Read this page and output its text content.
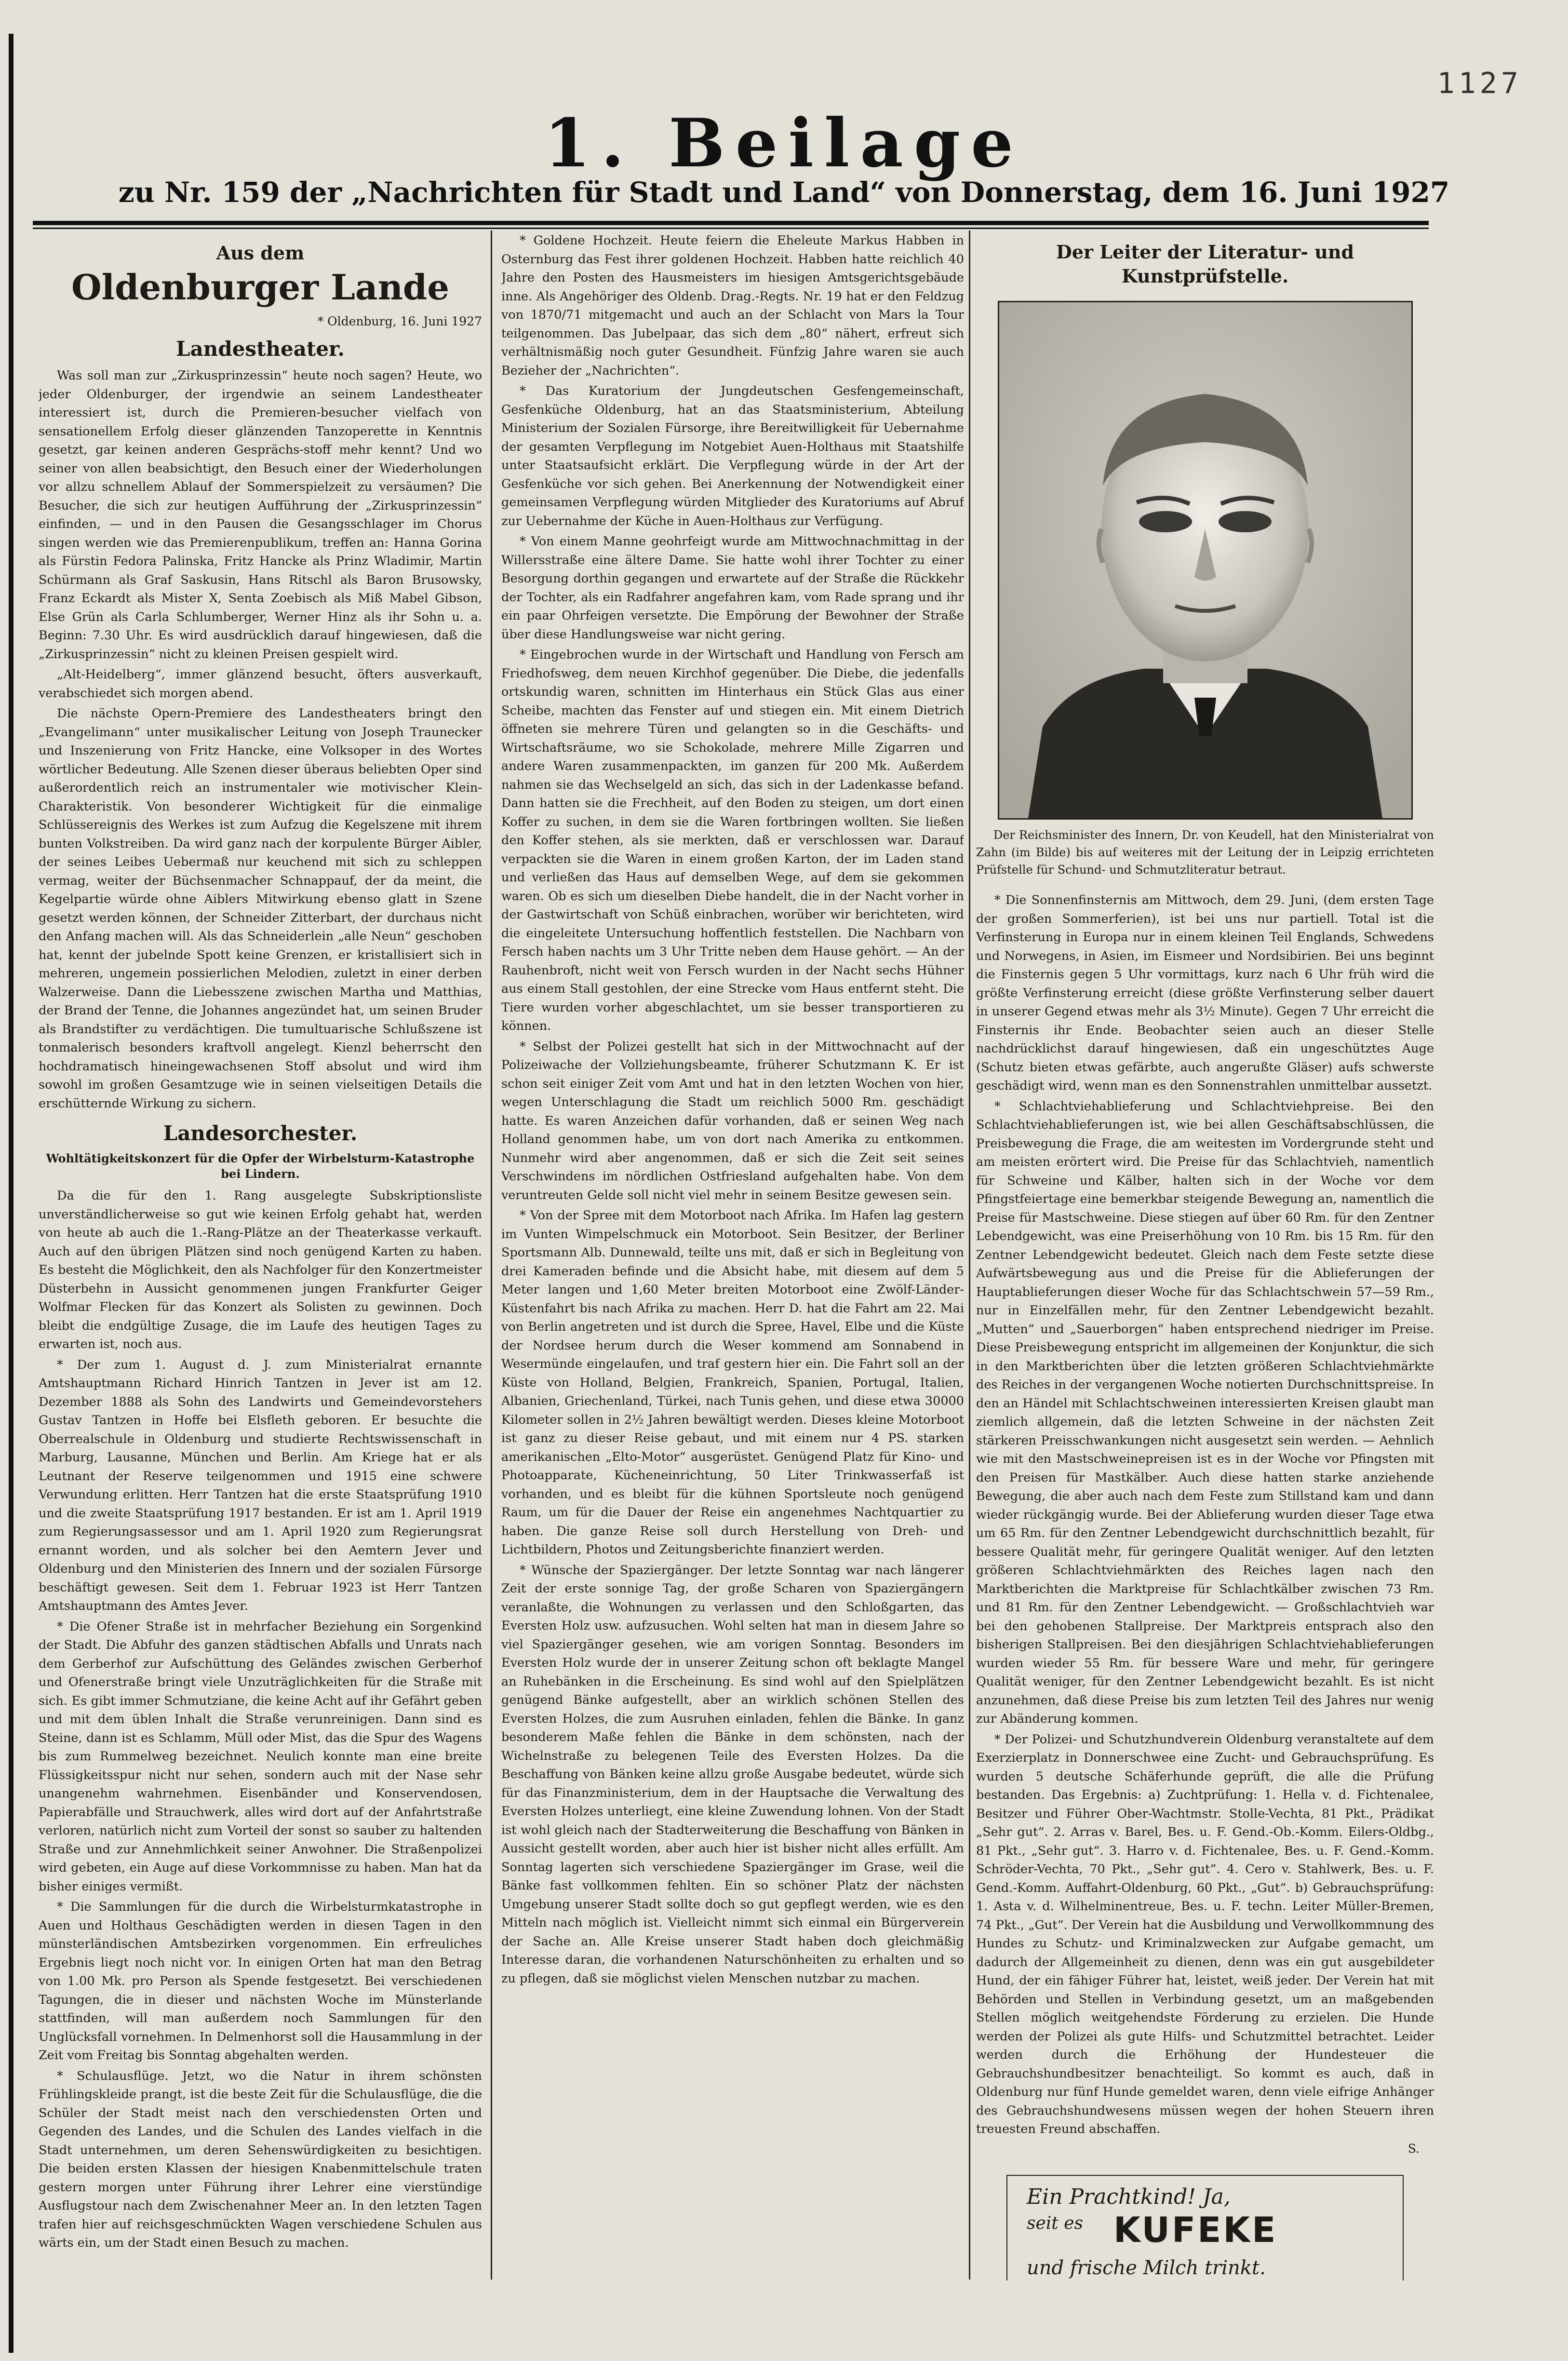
1127
1. Beilage
zu Nr. 159 der „Nachrichten für Stadt und Land“ von Donnerstag, dem 16. Juni 1927
Aus dem
Oldenburger Lande
* Oldenburg, 16. Juni 1927
Landestheater.

Was soll man zur „Zirkusprinzessin“ heute noch sagen? Heute, wo jeder Oldenburger, der irgendwie an seinem Landestheater interessiert ist, durch die Premieren-besucher vielfach von sensationellem Erfolg dieser glänzenden Tanzoperette in Kenntnis gesetzt, gar keinen anderen Gesprächs-stoff mehr kennt? Und wo seiner von allen beabsichtigt, den Besuch einer der Wiederholungen vor allzu schnellem Ablauf der Sommerspielzeit zu versäumen? Die Besucher, die sich zur heutigen Aufführung der „Zirkusprinzessin“ einfinden, — und in den Pausen die Gesangsschlager im Chorus singen werden wie das Premierenpublikum, treffen an: Hanna Gorina als Fürstin Fedora Palinska, Fritz Hancke als Prinz Wladimir, Martin Schürmann als Graf Saskusin, Hans Ritschl als Baron Brusowsky, Franz Eckardt als Mister X, Senta Zoebisch als Miß Mabel Gibson, Else Grün als Carla Schlumberger, Werner Hinz als ihr Sohn u. a. Beginn: 7.30 Uhr. Es wird ausdrücklich darauf hingewiesen, daß die „Zirkusprinzessin“ nicht zu kleinen Preisen gespielt wird.

„Alt-Heidelberg“, immer glänzend besucht, öfters ausverkauft, verabschiedet sich morgen abend.

Die nächste Opern-Premiere des Landestheaters bringt den „Evangelimann“ unter musikalischer Leitung von Joseph Traunecker und Inszenierung von Fritz Hancke, eine Volksoper in des Wortes wörtlicher Bedeutung. Alle Szenen dieser überaus beliebten Oper sind außerordentlich reich an instrumentaler wie motivischer Klein-Charakteristik. Von besonderer Wichtigkeit für die einmalige Schlüssereignis des Werkes ist zum Aufzug die Kegelszene mit ihrem bunten Volkstreiben. Da wird ganz nach der korpulente Bürger Aibler, der seines Leibes Uebermaß nur keuchend mit sich zu schleppen vermag, weiter der Büchsenmacher Schnappauf, der da meint, die Kegelpartie würde ohne Aiblers Mitwirkung ebenso glatt in Szene gesetzt werden können, der Schneider Zitterbart, der durchaus nicht den Anfang machen will. Als das Schneiderlein „alle Neun“ geschoben hat, kennt der jubelnde Spott keine Grenzen, er kristallisiert sich in mehreren, ungemein possierlichen Melodien, zuletzt in einer derben Walzerweise. Dann die Liebesszene zwischen Martha und Matthias, der Brand der Tenne, die Johannes angezündet hat, um seinen Bruder als Brandstifter zu verdächtigen. Die tumultuarische Schlußszene ist tonmalerisch besonders kraftvoll angelegt. Kienzl beherrscht den hochdramatisch hineingewachsenen Stoff absolut und wird ihm sowohl im großen Gesamtzuge wie in seinen vielseitigen Details die erschütternde Wirkung zu sichern.

Landesorchester.
Wohltätigkeitskonzert für die Opfer der Wirbelsturm-Katastrophe bei Lindern.

Da die für den 1. Rang ausgelegte Subskriptionsliste unverständlicherweise so gut wie keinen Erfolg gehabt hat, werden von heute ab auch die 1.-Rang-Plätze an der Theaterkasse verkauft. Auch auf den übrigen Plätzen sind noch genügend Karten zu haben. Es besteht die Möglichkeit, den als Nachfolger für den Konzertmeister Düsterbehn in Aussicht genommenen jungen Frankfurter Geiger Wolfmar Flecken für das Konzert als Solisten zu gewinnen. Doch bleibt die endgültige Zusage, die im Laufe des heutigen Tages zu erwarten ist, noch aus.

* Der zum 1. August d. J. zum Ministerialrat ernannte Amtshauptmann Richard Hinrich Tantzen in Jever ist am 12. Dezember 1888 als Sohn des Landwirts und Gemeindevorstehers Gustav Tantzen in Hoffe bei Elsfleth geboren. Er besuchte die Oberrealschule in Oldenburg und studierte Rechtswissenschaft in Marburg, Lausanne, München und Berlin. Am Kriege hat er als Leutnant der Reserve teilgenommen und 1915 eine schwere Verwundung erlitten. Herr Tantzen hat die erste Staatsprüfung 1910 und die zweite Staatsprüfung 1917 bestanden. Er ist am 1. April 1919 zum Regierungsassessor und am 1. April 1920 zum Regierungsrat ernannt worden, und als solcher bei den Aemtern Jever und Oldenburg und den Ministerien des Innern und der sozialen Fürsorge beschäftigt gewesen. Seit dem 1. Februar 1923 ist Herr Tantzen Amtshauptmann des Amtes Jever.

* Die Ofener Straße ist in mehrfacher Beziehung ein Sorgenkind der Stadt. Die Abfuhr des ganzen städtischen Abfalls und Unrats nach dem Gerberhof zur Aufschüttung des Geländes zwischen Gerberhof und Ofenerstraße bringt viele Unzuträglichkeiten für die Straße mit sich. Es gibt immer Schmutziane, die keine Acht auf ihr Gefährt geben und mit dem üblen Inhalt die Straße verunreinigen. Dann sind es Steine, dann ist es Schlamm, Müll oder Mist, das die Spur des Wagens bis zum Rummelweg bezeichnet. Neulich konnte man eine breite Flüssigkeitsspur nicht nur sehen, sondern auch mit der Nase sehr unangenehm wahrnehmen. Eisenbänder und Konservendosen, Papierabfälle und Strauchwerk, alles wird dort auf der Anfahrtstraße verloren, natürlich nicht zum Vorteil der sonst so sauber zu haltenden Straße und zur Annehmlichkeit seiner Anwohner. Die Straßenpolizei wird gebeten, ein Auge auf diese Vorkommnisse zu haben. Man hat da bisher einiges vermißt.

* Die Sammlungen für die durch die Wirbelsturmkatastrophe in Auen und Holthaus Geschädigten werden in diesen Tagen in den münsterländischen Amtsbezirken vorgenommen. Ein erfreuliches Ergebnis liegt noch nicht vor. In einigen Orten hat man den Betrag von 1.00 Mk. pro Person als Spende festgesetzt. Bei verschiedenen Tagungen, die in dieser und nächsten Woche im Münsterlande stattfinden, will man außerdem noch Sammlungen für den Unglücksfall vornehmen. In Delmenhorst soll die Hausammlung in der Zeit vom Freitag bis Sonntag abgehalten werden.

* Schulausflüge. Jetzt, wo die Natur in ihrem schönsten Frühlingskleide prangt, ist die beste Zeit für die Schulausflüge, die die Schüler der Stadt meist nach den verschiedensten Orten und Gegenden des Landes, und die Schulen des Landes vielfach in die Stadt unternehmen, um deren Sehenswürdigkeiten zu besichtigen. Die beiden ersten Klassen der hiesigen Knabenmittelschule traten gestern morgen unter Führung ihrer Lehrer eine vierstündige Ausflugstour nach dem Zwischenahner Meer an. In den letzten Tagen trafen hier auf reichsgeschmückten Wagen verschiedene Schulen aus wärts ein, um der Stadt einen Besuch zu machen.

* Goldene Hochzeit. Heute feiern die Eheleute Markus Habben in Osternburg das Fest ihrer goldenen Hochzeit. Habben hatte reichlich 40 Jahre den Posten des Hausmeisters im hiesigen Amtsgerichtsgebäude inne. Als Angehöriger des Oldenb. Drag.-Regts. Nr. 19 hat er den Feldzug von 1870/71 mitgemacht und auch an der Schlacht von Mars la Tour teilgenommen. Das Jubelpaar, das sich dem „80“ nähert, erfreut sich verhältnismäßig noch guter Gesundheit. Fünfzig Jahre waren sie auch Bezieher der „Nachrichten“.

* Das Kuratorium der Jungdeutschen Gesfengemeinschaft, Gesfenküche Oldenburg, hat an das Staatsministerium, Abteilung Ministerium der Sozialen Fürsorge, ihre Bereitwilligkeit für Uebernahme der gesamten Verpflegung im Notgebiet Auen-Holthaus mit Staatshilfe unter Staatsaufsicht erklärt. Die Verpflegung würde in der Art der Gesfenküche vor sich gehen. Bei Anerkennung der Notwendigkeit einer gemeinsamen Verpflegung würden Mitglieder des Kuratoriums auf Abruf zur Uebernahme der Küche in Auen-Holthaus zur Verfügung.

* Von einem Manne geohrfeigt wurde am Mittwochnachmittag in der Willersstraße eine ältere Dame. Sie hatte wohl ihrer Tochter zu einer Besorgung dorthin gegangen und erwartete auf der Straße die Rückkehr der Tochter, als ein Radfahrer angefahren kam, vom Rade sprang und ihr ein paar Ohrfeigen versetzte. Die Empörung der Bewohner der Straße über diese Handlungsweise war nicht gering.

* Eingebrochen wurde in der Wirtschaft und Handlung von Fersch am Friedhofsweg, dem neuen Kirchhof gegenüber. Die Diebe, die jedenfalls ortskundig waren, schnitten im Hinterhaus ein Stück Glas aus einer Scheibe, machten das Fenster auf und stiegen ein. Mit einem Dietrich öffneten sie mehrere Türen und gelangten so in die Geschäfts- und Wirtschaftsräume, wo sie Schokolade, mehrere Mille Zigarren und andere Waren zusammenpackten, im ganzen für 200 Mk. Außerdem nahmen sie das Wechselgeld an sich, das sich in der Ladenkasse befand. Dann hatten sie die Frechheit, auf den Boden zu steigen, um dort einen Koffer zu suchen, in dem sie die Waren fortbringen wollten. Sie ließen den Koffer stehen, als sie merkten, daß er verschlossen war. Darauf verpackten sie die Waren in einem großen Karton, der im Laden stand und verließen das Haus auf demselben Wege, auf dem sie gekommen waren. Ob es sich um dieselben Diebe handelt, die in der Nacht vorher in der Gastwirtschaft von Schüß einbrachen, worüber wir berichteten, wird die eingeleitete Untersuchung hoffentlich feststellen. Die Nachbarn von Fersch haben nachts um 3 Uhr Tritte neben dem Hause gehört. — An der Rauhenbroft, nicht weit von Fersch wurden in der Nacht sechs Hühner aus einem Stall gestohlen, der eine Strecke vom Haus entfernt steht. Die Tiere wurden vorher abgeschlachtet, um sie besser transportieren zu können.

* Selbst der Polizei gestellt hat sich in der Mittwochnacht auf der Polizeiwache der Vollziehungsbeamte, früherer Schutzmann K. Er ist schon seit einiger Zeit vom Amt und hat in den letzten Wochen von hier, wegen Unterschlagung die Stadt um reichlich 5000 Rm. geschädigt hatte. Es waren Anzeichen dafür vorhanden, daß er seinen Weg nach Holland genommen habe, um von dort nach Amerika zu entkommen. Nunmehr wird aber angenommen, daß er sich die Zeit seit seines Verschwindens im nördlichen Ostfriesland aufgehalten habe. Von dem veruntreuten Gelde soll nicht viel mehr in seinem Besitze gewesen sein.

* Von der Spree mit dem Motorboot nach Afrika. Im Hafen lag gestern im Vunten Wimpelschmuck ein Motorboot. Sein Besitzer, der Berliner Sportsmann Alb. Dunnewald, teilte uns mit, daß er sich in Begleitung von drei Kameraden befinde und die Absicht habe, mit diesem auf dem 5 Meter langen und 1,60 Meter breiten Motorboot eine Zwölf-Länder-Küstenfahrt bis nach Afrika zu machen. Herr D. hat die Fahrt am 22. Mai von Berlin angetreten und ist durch die Spree, Havel, Elbe und die Küste der Nordsee herum durch die Weser kommend am Sonnabend in Wesermünde eingelaufen, und traf gestern hier ein. Die Fahrt soll an der Küste von Holland, Belgien, Frankreich, Spanien, Portugal, Italien, Albanien, Griechenland, Türkei, nach Tunis gehen, und diese etwa 30000 Kilometer sollen in 2½ Jahren bewältigt werden. Dieses kleine Motorboot ist ganz zu dieser Reise gebaut, und mit einem nur 4 PS. starken amerikanischen „Elto-Motor“ ausgerüstet. Genügend Platz für Kino- und Photoapparate, Kücheneinrichtung, 50 Liter Trinkwasserfaß ist vorhanden, und es bleibt für die kühnen Sportsleute noch genügend Raum, um für die Dauer der Reise ein angenehmes Nachtquartier zu haben. Die ganze Reise soll durch Herstellung von Dreh- und Lichtbildern, Photos und Zeitungsberichte finanziert werden.

* Wünsche der Spaziergänger. Der letzte Sonntag war nach längerer Zeit der erste sonnige Tag, der große Scharen von Spaziergängern veranlaßte, die Wohnungen zu verlassen und den Schloßgarten, das Eversten Holz usw. aufzusuchen. Wohl selten hat man in diesem Jahre so viel Spaziergänger gesehen, wie am vorigen Sonntag. Besonders im Eversten Holz wurde der in unserer Zeitung schon oft beklagte Mangel an Ruhebänken in die Erscheinung. Es sind wohl auf den Spielplätzen genügend Bänke aufgestellt, aber an wirklich schönen Stellen des Eversten Holzes, die zum Ausruhen einladen, fehlen die Bänke. In ganz besonderem Maße fehlen die Bänke in dem schönsten, nach der Wichelnstraße zu belegenen Teile des Eversten Holzes. Da die Beschaffung von Bänken keine allzu große Ausgabe bedeutet, würde sich für das Finanzministerium, dem in der Hauptsache die Verwaltung des Eversten Holzes unterliegt, eine kleine Zuwendung lohnen. Von der Stadt ist wohl gleich nach der Stadterweiterung die Beschaffung von Bänken in Aussicht gestellt worden, aber auch hier ist bisher nicht alles erfüllt. Am Sonntag lagerten sich verschiedene Spaziergänger im Grase, weil die Bänke fast vollkommen fehlten. Ein so schöner Platz der nächsten Umgebung unserer Stadt sollte doch so gut gepflegt werden, wie es den Mitteln nach möglich ist. Vielleicht nimmt sich einmal ein Bürgerverein der Sache an. Alle Kreise unserer Stadt haben doch gleichmäßig Interesse daran, die vorhandenen Naturschönheiten zu erhalten und so zu pflegen, daß sie möglichst vielen Menschen nutzbar zu machen.

Der Leiter der Literatur- und Kunstprüfstelle.

Der Reichsminister des Innern, Dr. von Keudell, hat den Ministerialrat von Zahn (im Bilde) bis auf weiteres mit der Leitung der in Leipzig errichteten Prüfstelle für Schund- und Schmutzliteratur betraut.

* Die Sonnenfinsternis am Mittwoch, dem 29. Juni, (dem ersten Tage der großen Sommerferien), ist bei uns nur partiell. Total ist die Verfinsterung in Europa nur in einem kleinen Teil Englands, Schwedens und Norwegens, in Asien, im Eismeer und Nordsibirien. Bei uns beginnt die Finsternis gegen 5 Uhr vormittags, kurz nach 6 Uhr früh wird die größte Verfinsterung erreicht (diese größte Verfinsterung selber dauert in unserer Gegend etwas mehr als 3½ Minute). Gegen 7 Uhr erreicht die Finsternis ihr Ende. Beobachter seien auch an dieser Stelle nachdrücklichst darauf hingewiesen, daß ein ungeschütztes Auge (Schutz bieten etwas gefärbte, auch angerußte Gläser) aufs schwerste geschädigt wird, wenn man es den Sonnenstrahlen unmittelbar aussetzt.

* Schlachtviehablieferung und Schlachtviehpreise. Bei den Schlachtviehablieferungen ist, wie bei allen Geschäftsabschlüssen, die Preisbewegung die Frage, die am weitesten im Vordergrunde steht und am meisten erörtert wird. Die Preise für das Schlachtvieh, namentlich für Schweine und Kälber, halten sich in der Woche vor dem Pfingstfeiertage eine bemerkbar steigende Bewegung an, namentlich die Preise für Mastschweine. Diese stiegen auf über 60 Rm. für den Zentner Lebendgewicht, was eine Preiserhöhung von 10 Rm. bis 15 Rm. für den Zentner Lebendgewicht bedeutet. Gleich nach dem Feste setzte diese Aufwärtsbewegung aus und die Preise für die Ablieferungen der Hauptablieferungen dieser Woche für das Schlachtschwein 57—59 Rm., nur in Einzelfällen mehr, für den Zentner Lebendgewicht bezahlt. „Mutten“ und „Sauerborgen“ haben entsprechend niedriger im Preise. Diese Preisbewegung entspricht im allgemeinen der Konjunktur, die sich in den Marktberichten über die letzten größeren Schlachtviehmärkte des Reiches in der vergangenen Woche notierten Durchschnittspreise. In den an Händel mit Schlachtschweinen interessierten Kreisen glaubt man ziemlich allgemein, daß die letzten Schweine in der nächsten Zeit stärkeren Preisschwankungen nicht ausgesetzt sein werden. — Aehnlich wie mit den Mastschweinepreisen ist es in der Woche vor Pfingsten mit den Preisen für Mastkälber. Auch diese hatten starke anziehende Bewegung, die aber auch nach dem Feste zum Stillstand kam und dann wieder rückgängig wurde. Bei der Ablieferung wurden dieser Tage etwa um 65 Rm. für den Zentner Lebendgewicht durchschnittlich bezahlt, für bessere Qualität mehr, für geringere Qualität weniger. Auf den letzten größeren Schlachtviehmärkten des Reiches lagen nach den Marktberichten die Marktpreise für Schlachtkälber zwischen 73 Rm. und 81 Rm. für den Zentner Lebendgewicht. — Großschlachtvieh war bei den gehobenen Stallpreise. Der Marktpreis entsprach also den bisherigen Stallpreisen. Bei den diesjährigen Schlachtviehablieferungen wurden wieder 55 Rm. für bessere Ware und mehr, für geringere Qualität weniger, für den Zentner Lebendgewicht bezahlt. Es ist nicht anzunehmen, daß diese Preise bis zum letzten Teil des Jahres nur wenig zur Abänderung kommen.

* Der Polizei- und Schutzhundverein Oldenburg veranstaltete auf dem Exerzierplatz in Donnerschwee eine Zucht- und Gebrauchsprüfung. Es wurden 5 deutsche Schäferhunde geprüft, die alle die Prüfung bestanden. Das Ergebnis: a) Zuchtprüfung: 1. Hella v. d. Fichtenalee, Besitzer und Führer Ober-Wachtmstr. Stolle-Vechta, 81 Pkt., Prädikat „Sehr gut“. 2. Arras v. Barel, Bes. u. F. Gend.-Ob.-Komm. Eilers-Oldbg., 81 Pkt., „Sehr gut“. 3. Harro v. d. Fichtenalee, Bes. u. F. Gend.-Komm. Schröder-Vechta, 70 Pkt., „Sehr gut“. 4. Cero v. Stahlwerk, Bes. u. F. Gend.-Komm. Auffahrt-Oldenburg, 60 Pkt., „Gut“. b) Gebrauchsprüfung: 1. Asta v. d. Wilhelminentreue, Bes. u. F. techn. Leiter Müller-Bremen, 74 Pkt., „Gut“. Der Verein hat die Ausbildung und Verwollkommnung des Hundes zu Schutz- und Kriminalzwecken zur Aufgabe gemacht, um dadurch der Allgemeinheit zu dienen, denn was ein gut ausgebildeter Hund, der ein fähiger Führer hat, leistet, weiß jeder. Der Verein hat mit Behörden und Stellen in Verbindung gesetzt, um an maßgebenden Stellen möglich weitgehendste Förderung zu erzielen. Die Hunde werden der Polizei als gute Hilfs- und Schutzmittel betrachtet. Leider werden durch die Erhöhung der Hundesteuer die Gebrauchshundbesitzer benachteiligt. So kommt es auch, daß in Oldenburg nur fünf Hunde gemeldet waren, denn viele eifrige Anhänger des Gebrauchshundwesens müssen wegen der hohen Steuern ihren treuesten Freund abschaffen.

S.
Ein Prachtkind! Ja,
seit es KUFEKE
und frische Milch trinkt.
